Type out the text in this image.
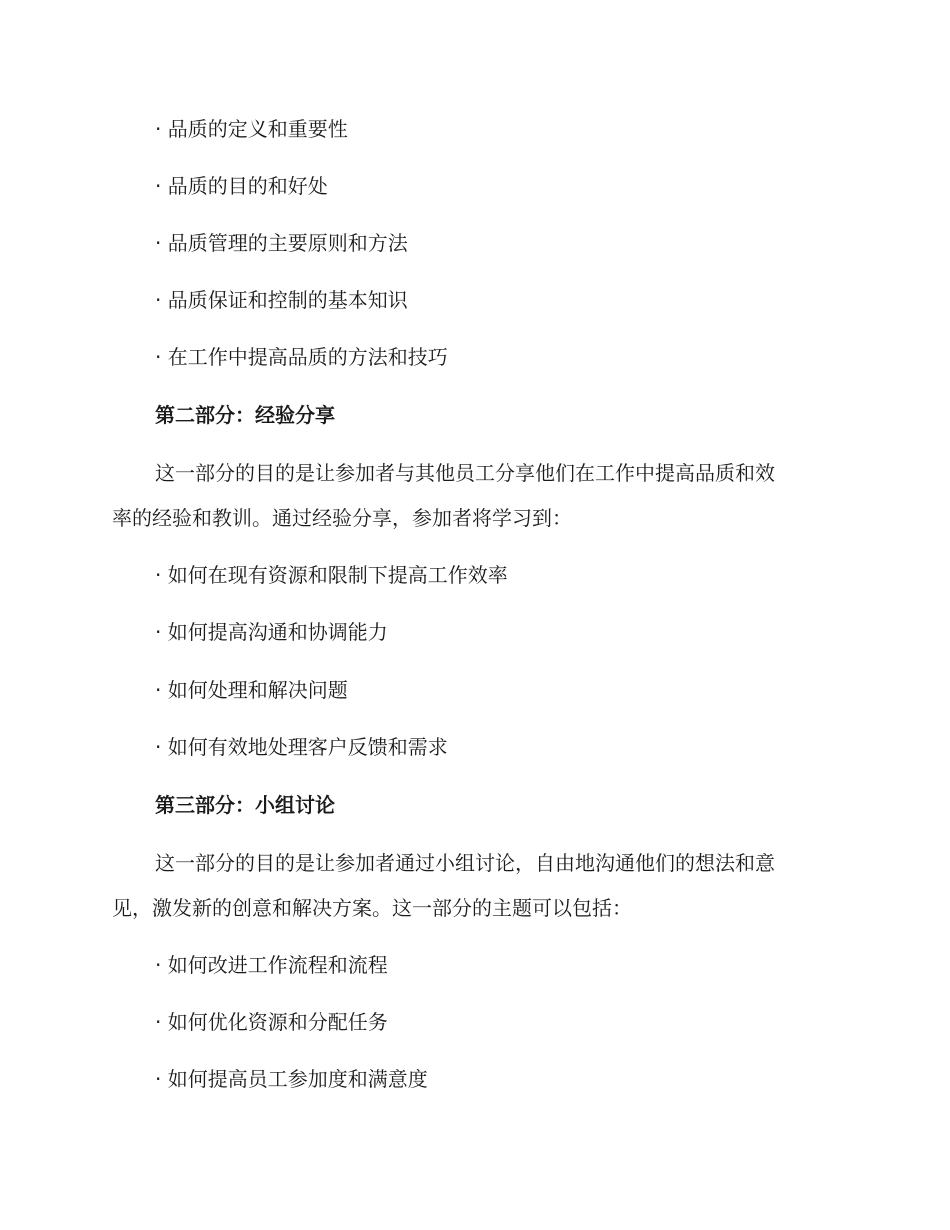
· 品质的定义和重要性
· 品质的目的和好处
· 品质管理的主要原则和方法
· 品质保证和控制的基本知识
· 在工作中提高品质的方法和技巧
第二部分：经验分享
这一部分的目的是让参加者与其他员工分享他们在工作中提高品质和效
率的经验和教训。通过经验分享，参加者将学习到：
· 如何在现有资源和限制下提高工作效率
· 如何提高沟通和协调能力
· 如何处理和解决问题
· 如何有效地处理客户反馈和需求
第三部分：小组讨论
这一部分的目的是让参加者通过小组讨论，自由地沟通他们的想法和意
见，激发新的创意和解决方案。这一部分的主题可以包括：
· 如何改进工作流程和流程
· 如何优化资源和分配任务
· 如何提高员工参加度和满意度
